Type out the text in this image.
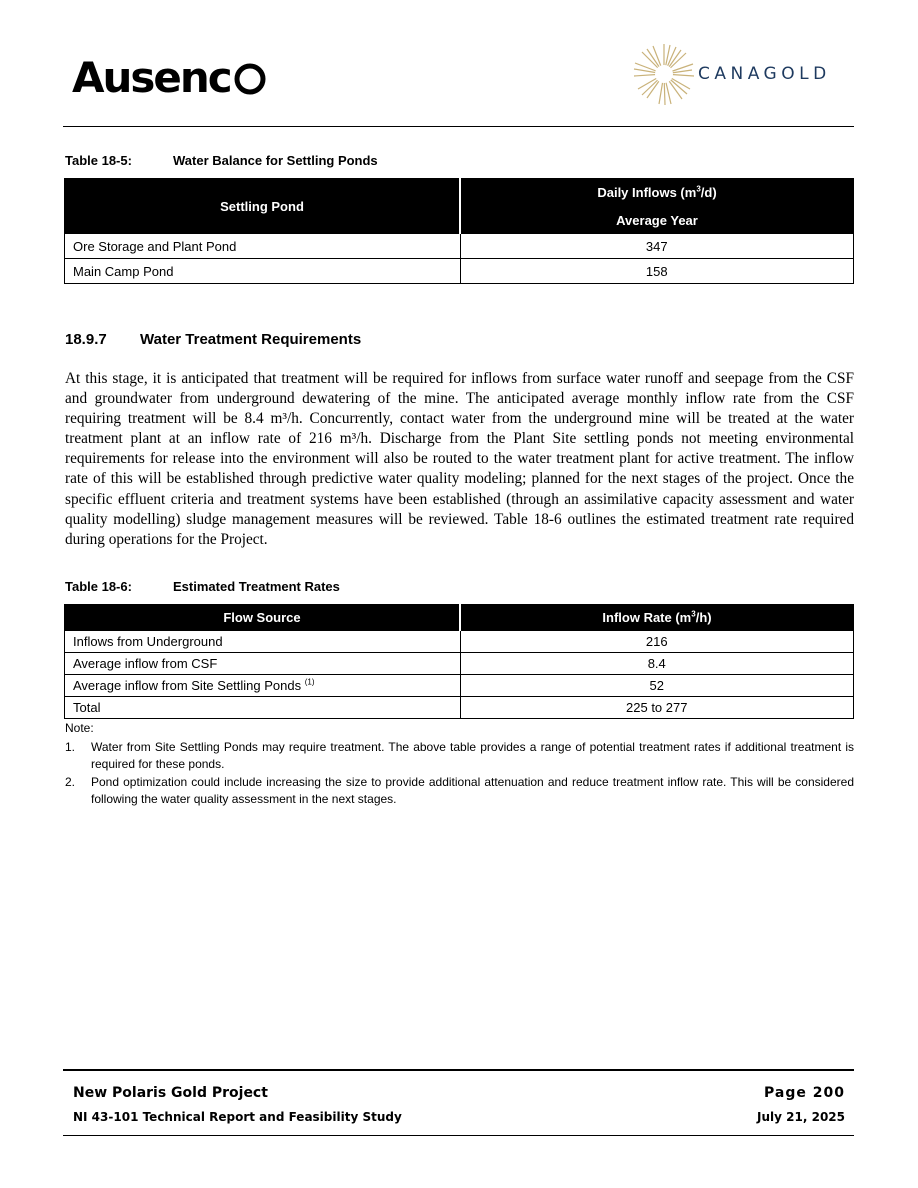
Ausenc	CANAGOLD
Table 18-5:	Water Balance for Settling Ponds
Settling Pond	Daily Inflows $(m^3/d)$
	Average Year
Ore Storage and Plant Pond	347
Main Camp Pond	158
18.9.7	Water Treatment Requirements

At this stage, it is anticipated that treatment will be required for inflows from surface water runoff and seepage from the CSF and groundwater from underground dewatering of the mine. The anticipated average monthly inflow rate from the CSF requiring treatment will be 8.4 m³/h. Concurrently, contact water from the underground mine will be treated at the water treatment plant at an inflow rate of 216 m³/h. Discharge from the Plant Site settling ponds not meeting environmental requirements for release into the environment will also be routed to the water treatment plant for active treatment. The inflow rate of this will be established through predictive water quality modeling; planned for the next stages of the project. Once the specific effluent criteria and treatment systems have been established (through an assimilative capacity assessment and water quality modelling) sludge management measures will be reviewed. Table 18-6 outlines the estimated treatment rate required during operations for the Project.

Table 18-6:	Estimated Treatment Rates
Flow Source	Inflow Rate $(m^3/h)$
Inflows from Underground	216
Average inflow from CSF	8.4
Average inflow from Site Settling Ponds $^{(1)}$	52
Total	225 to 277
Note:
1.	Water from Site Settling Ponds may require treatment. The above table provides a range of potential treatment rates if additional treatment is required for these ponds.
2.	Pond optimization could include increasing the size to provide additional attenuation and reduce treatment inflow rate. This will be considered following the water quality assessment in the next stages.
New Polaris Gold Project
NI 43-101 Technical Report and Feasibility Study
Page 200
July 21, 2025
